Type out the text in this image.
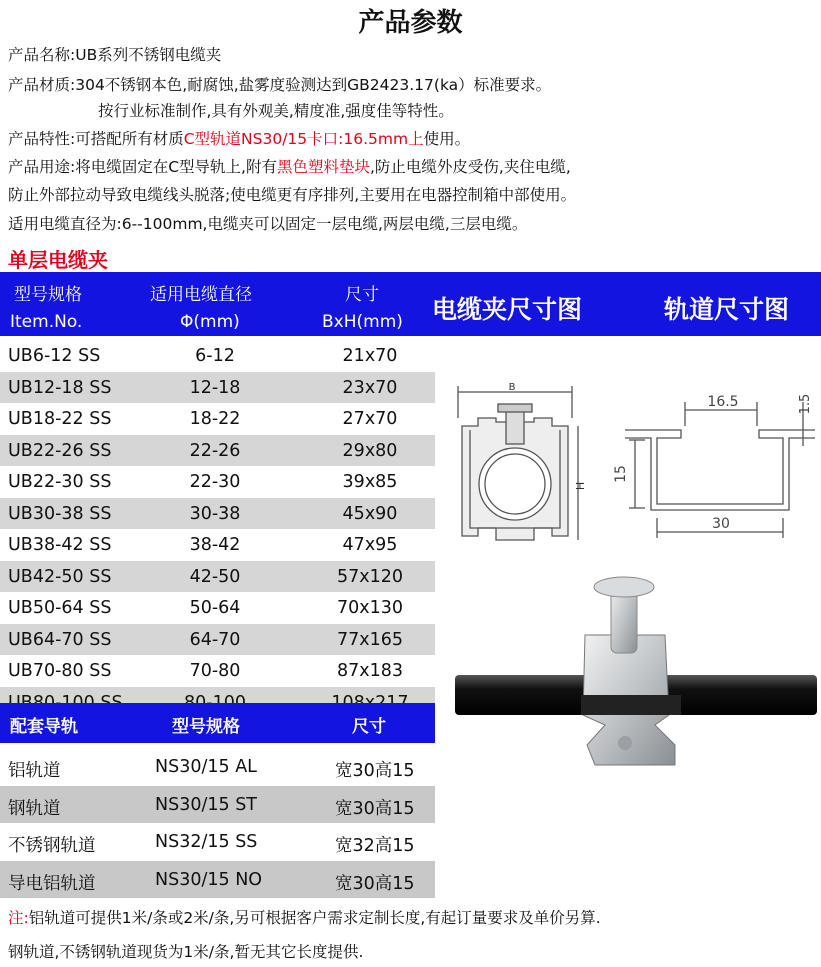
产品参数
产品名称:UB系列不锈钢电缆夹
产品材质:304不锈钢本色,耐腐蚀,盐雾度验测达到GB2423.17(ka）标准要求。
按行业标准制作,具有外观美,精度准,强度佳等特性。
产品特性:可搭配所有材质C型轨道NS30/15卡口:16.5mm上使用。
产品用途:将电缆固定在C型导轨上,附有黑色塑料垫块,防止电缆外皮受伤,夹住电缆,
防止外部拉动导致电缆线头脱落;使电缆更有序排列,主要用在电器控制箱中部使用。
适用电缆直径为:6--100mm,电缆夹可以固定一层电缆,两层电缆,三层电缆。
单层电缆夹
型号规格
Item.No.
适用电缆直径
Φ(mm)
尺寸
BxH(mm) 电缆夹尺寸图	轨道尺寸图
UB6-12 SS	6-12	21x70
UB12-18 SS	12-18	23x70
UB18-22 SS	18-22	27x70
UB22-26 SS	22-26	29x80
UB22-30 SS	22-30	39x85
UB30-38 SS	30-38	45x90
UB38-42 SS	38-42	47x95
UB42-50 SS	42-50	57x120
UB50-64 SS	50-64	70x130
UB64-70 SS	64-70	77x165
UB70-80 SS	70-80	87x183
配套导轨	型号规格	尺寸
铝轨道	NS30/15 AL	宽30高15
钢轨道	NS30/15 ST	宽30高15
不锈钢轨道	NS32/15 SS	宽32高15
导电铝轨道	NS30/15 NO	宽30高15
B
H
16.5	1.5
15
30
注:铝轨道可提供1米/条或2米/条,另可根据客户需求定制长度,有起订量要求及单价另算.
钢轨道,不锈钢轨道现货为1米/条,暂无其它长度提供.
